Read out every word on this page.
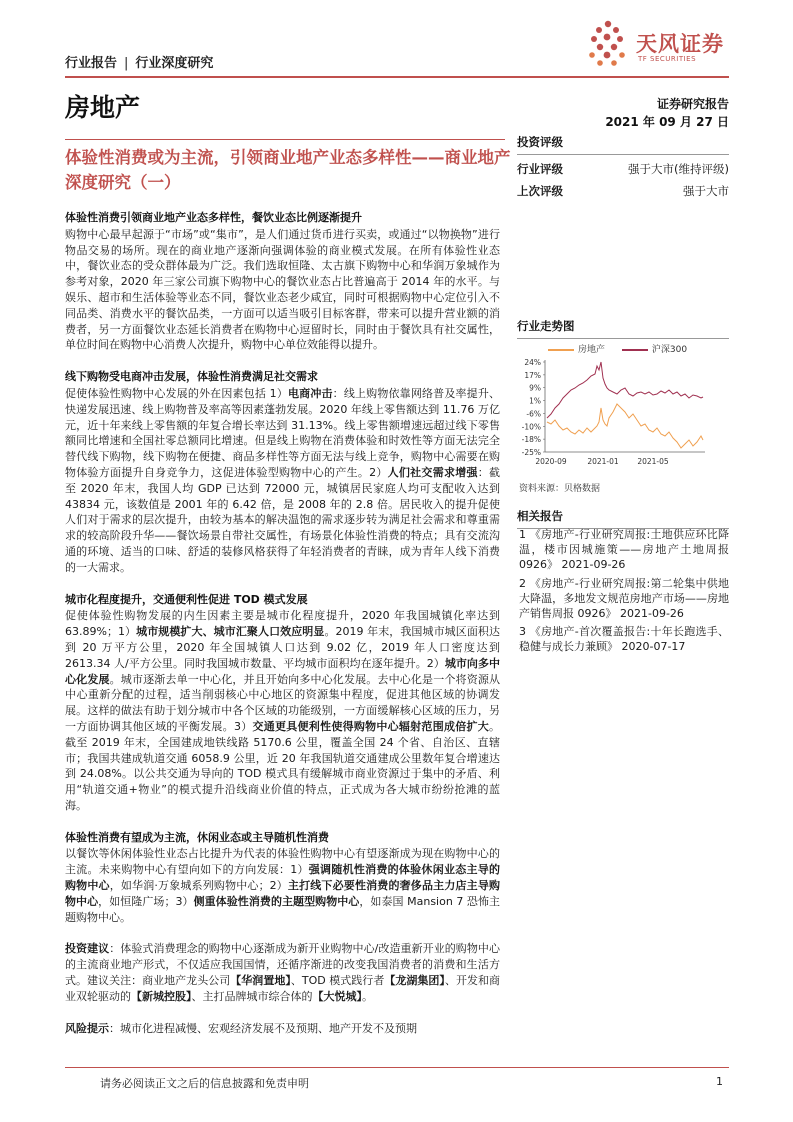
行业报告 | 行业深度研究
天风证券
TF SECURITIES
房地产	证券研究报告
2021 年 09 月 27 日
体验性消费或为主流，引领商业地产业态多样性——商业地产深度研究（一）
投资评级
行业评级	强于大市(维持评级)
上次评级	强于大市
体验性消费引领商业地产业态多样性，餐饮业态比例逐渐提升

购物中心最早起源于“市场”或“集市”，是人们通过货币进行买卖，或通过“以物换物”进行物品交易的场所。现在的商业地产逐渐向强调体验的商业模式发展。在所有体验性业态中，餐饮业态的受众群体最为广泛。我们选取恒隆、太古旗下购物中心和华润万象城作为参考对象，2020 年三家公司旗下购物中心的餐饮业态占比普遍高于 2014 年的水平。与娱乐、超市和生活体验等业态不同，餐饮业态老少咸宜，同时可根据购物中心定位引入不同品类、消费水平的餐饮品类，一方面可以适当吸引目标客群，带来可以提升营业额的消费者，另一方面餐饮业态延长消费者在购物中心逗留时长，同时由于餐饮具有社交属性，单位时间在购物中心消费人次提升，购物中心单位效能得以提升。

线下购物受电商冲击发展，体验性消费满足社交需求

促使体验性购物中心发展的外在因素包括 1）电商冲击：线上购物依靠网络普及率提升、快递发展迅速、线上购物普及率高等因素蓬勃发展。2020 年线上零售额达到 11.76 万亿元，近十年来线上零售额的年复合增长率达到 31.13%。线上零售额增速远超过线下零售额同比增速和全国社零总额同比增速。但是线上购物在消费体验和时效性等方面无法完全替代线下购物，线下购物在便捷、商品多样性等方面无法与线上竞争，购物中心需要在购物体验方面提升自身竞争力，这促进体验型购物中心的产生。2）人们社交需求增强：截至 2020 年末，我国人均 GDP 已达到 72000 元，城镇居民家庭人均可支配收入达到 43834 元，该数值是 2001 年的 6.42 倍，是 2008 年的 2.8 倍。居民收入的提升促使人们对于需求的层次提升，由较为基本的解决温饱的需求逐步转为满足社会需求和尊重需求的较高阶段升华——餐饮场景自带社交属性，有场景化体验性消费的特点；具有交流沟通的环境、适当的口味、舒适的装修风格获得了年轻消费者的青睐，成为青年人线下消费的一大需求。

城市化程度提升，交通便利性促进 TOD 模式发展

促使体验性购物发展的内生因素主要是城市化程度提升，2020 年我国城镇化率达到 63.89%；1）城市规模扩大、城市汇聚人口效应明显。2019 年末，我国城市城区面积达到 20 万平方公里，2020 年全国城镇人口达到 9.02 亿，2019 年人口密度达到 2613.34 人/平方公里。同时我国城市数量、平均城市面积均在逐年提升。2）城市向多中心化发展。城市逐渐去单一中心化，并且开始向多中心化发展。去中心化是一个将资源从中心重新分配的过程，适当削弱核心中心地区的资源集中程度，促进其他区域的协调发展。这样的做法有助于划分城市中各个区域的功能级别，一方面缓解核心区域的压力，另一方面协调其他区域的平衡发展。3）交通更具便利性使得购物中心辐射范围成倍扩大。截至 2019 年末，全国建成地铁线路 5170.6 公里，覆盖全国 24 个省、自治区、直辖市；我国共建成轨道交通 6058.9 公里，近 20 年我国轨道交通建成公里数年复合增速达到 24.08%。以公共交通为导向的 TOD 模式具有缓解城市商业资源过于集中的矛盾、利用“轨道交通+物业”的模式提升沿线商业价值的特点，正式成为各大城市纷纷抢滩的蓝海。

体验性消费有望成为主流，休闲业态或主导随机性消费

以餐饮等休闲体验性业态占比提升为代表的体验性购物中心有望逐渐成为现在购物中心的主流。未来购物中心有望向如下的方向发展：1）强调随机性消费的体验休闲业态主导的购物中心，如华润·万象城系列购物中心；2）主打线下必要性消费的奢侈品主力店主导购物中心，如恒隆广场；3）侧重体验性消费的主题型购物中心，如泰国 Mansion 7 恐怖主题购物中心。

投资建议：体验式消费理念的购物中心逐渐成为新开业购物中心/改造重新开业的购物中心的主流商业地产形式，不仅适应我国国情，还循序渐进的改变我国消费者的消费和生活方式。建议关注：商业地产龙头公司【华润置地】、TOD 模式践行者【龙湖集团】、开发和商业双轮驱动的【新城控股】、主打品牌城市综合体的【大悦城】。

风险提示：城市化进程减慢、宏观经济发展不及预期、地产开发不及预期

行业走势图
房地产	沪深300
24%
17%
9%
1%
-6%
-10%
-18%
-25%
2020-09	2021-01 2021-05
资料来源：贝格数据
相关报告
1 《房地产-行业研究周报:土地供应环比降温，楼市因城施策——房地产土地周报 0926》 2021-09-26
2 《房地产-行业研究周报:第二轮集中供地大降温，多地发文规范房地产市场——房地产销售周报 0926》 2021-09-26
3 《房地产-首次覆盖报告:十年长跑选手、稳健与成长力兼顾》 2020-07-17
请务必阅读正文之后的信息披露和免责申明	1
